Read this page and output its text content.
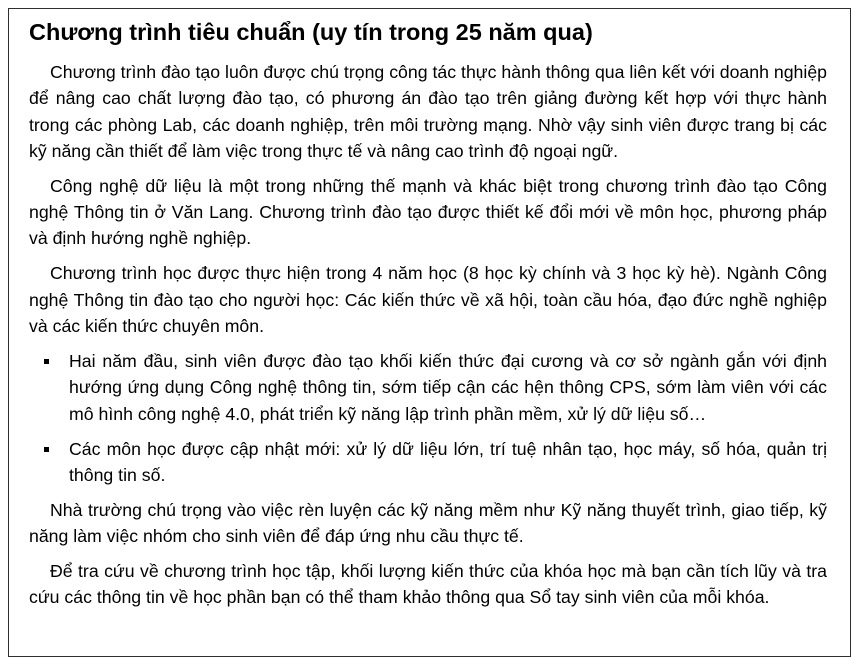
Chương trình tiêu chuẩn (uy tín trong 25 năm qua)

Chương trình đào tạo luôn được chú trọng công tác thực hành thông qua liên kết với doanh nghiệp để nâng cao chất lượng đào tạo, có phương án đào tạo trên giảng đường kết hợp với thực hành trong các phòng Lab, các doanh nghiệp, trên môi trường mạng. Nhờ vậy sinh viên được trang bị các kỹ năng cần thiết để làm việc trong thực tế và nâng cao trình độ ngoại ngữ.

Công nghệ dữ liệu là một trong những thế mạnh và khác biệt trong chương trình đào tạo Công nghệ Thông tin ở Văn Lang. Chương trình đào tạo được thiết kế đổi mới về môn học, phương pháp và định hướng nghề nghiệp.

Chương trình học được thực hiện trong 4 năm học (8 học kỳ chính và 3 học kỳ hè). Ngành Công nghệ Thông tin đào tạo cho người học: Các kiến thức về xã hội, toàn cầu hóa, đạo đức nghề nghiệp và các kiến thức chuyên môn.

Hai năm đầu, sinh viên được đào tạo khối kiến thức đại cương và cơ sở ngành gắn với định hướng ứng dụng Công nghệ thông tin, sớm tiếp cận các hện thông CPS, sớm làm viên với các mô hình công nghệ 4.0, phát triển kỹ năng lập trình phần mềm, xử lý dữ liệu số…
Các môn học được cập nhật mới: xử lý dữ liệu lớn, trí tuệ nhân tạo, học máy, số hóa, quản trị thông tin số.

Nhà trường chú trọng vào việc rèn luyện các kỹ năng mềm như Kỹ năng thuyết trình, giao tiếp, kỹ năng làm việc nhóm cho sinh viên để đáp ứng nhu cầu thực tế.

Để tra cứu về chương trình học tập, khối lượng kiến thức của khóa học mà bạn cần tích lũy và tra cứu các thông tin về học phần bạn có thể tham khảo thông qua Sổ tay sinh viên của mỗi khóa.
